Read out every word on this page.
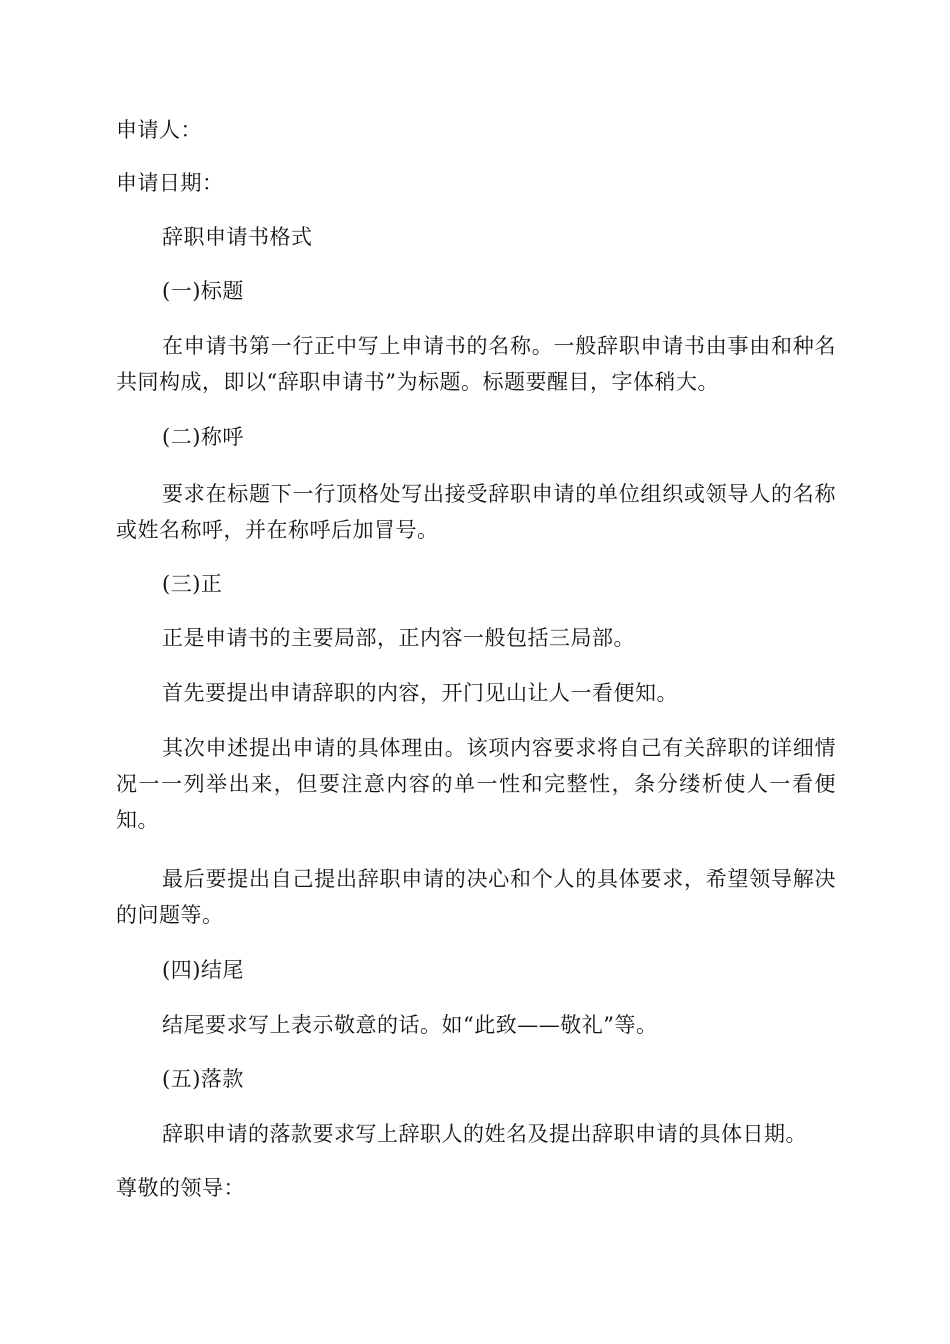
申请人：
申请日期：
辞职申请书格式
(一)标题
在申请书第一行正中写上申请书的名称。一般辞职申请书由事由和种名共同构成，即以“辞职申请书”为标题。标题要醒目，字体稍大。
(二)称呼
要求在标题下一行顶格处写出接受辞职申请的单位组织或领导人的名称或姓名称呼，并在称呼后加冒号。
(三)正
正是申请书的主要局部，正内容一般包括三局部。
首先要提出申请辞职的内容，开门见山让人一看便知。
其次申述提出申请的具体理由。该项内容要求将自己有关辞职的详细情况一一列举出来，但要注意内容的单一性和完整性，条分缕析使人一看便知。
最后要提出自己提出辞职申请的决心和个人的具体要求，希望领导解决的问题等。
(四)结尾
结尾要求写上表示敬意的话。如“此致——敬礼”等。
(五)落款
辞职申请的落款要求写上辞职人的姓名及提出辞职申请的具体日期。
尊敬的领导：
